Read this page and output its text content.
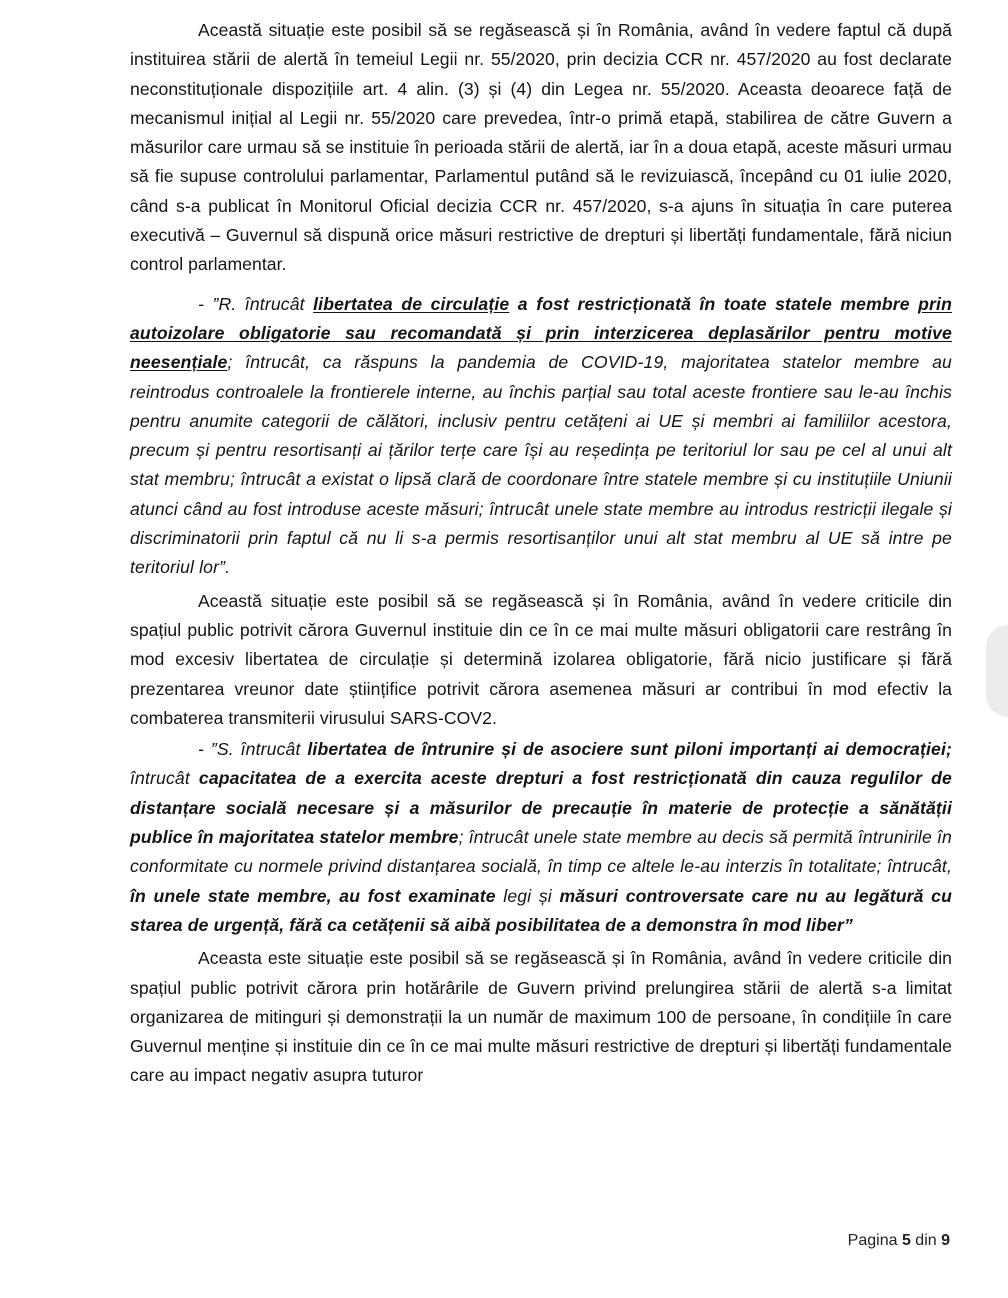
Această situație este posibil să se regăsească și în România, având în vedere faptul că după instituirea stării de alertă în temeiul Legii nr. 55/2020, prin decizia CCR nr. 457/2020 au fost declarate neconstituționale dispozițiile art. 4 alin. (3) și (4) din Legea nr. 55/2020. Aceasta deoarece față de mecanismul inițial al Legii nr. 55/2020 care prevedea, într-o primă etapă, stabilirea de către Guvern a măsurilor care urmau să se instituie în perioada stării de alertă, iar în a doua etapă, aceste măsuri urmau să fie supuse controlului parlamentar, Parlamentul putând să le revizuiască, începând cu 01 iulie 2020, când s-a publicat în Monitorul Oficial decizia CCR nr. 457/2020, s-a ajuns în situația în care puterea executivă – Guvernul să dispună orice măsuri restrictive de drepturi și libertăți fundamentale, fără niciun control parlamentar.

- ”R. întrucât libertatea de circulație a fost restricționată în toate statele membre prin autoizolare obligatorie sau recomandată și prin interzicerea deplasărilor pentru motive neesențiale; întrucât, ca răspuns la pandemia de COVID-19, majoritatea statelor membre au reintrodus controalele la frontierele interne, au închis parțial sau total aceste frontiere sau le-au închis pentru anumite categorii de călători, inclusiv pentru cetățeni ai UE și membri ai familiilor acestora, precum și pentru resortisanți ai țărilor terțe care își au reședința pe teritoriul lor sau pe cel al unui alt stat membru; întrucât a existat o lipsă clară de coordonare între statele membre și cu instituțiile Uniunii atunci când au fost introduse aceste măsuri; întrucât unele state membre au introdus restricții ilegale și discriminatorii prin faptul că nu li s-a permis resortisanților unui alt stat membru al UE să intre pe teritoriul lor”.

Această situație este posibil să se regăsească și în România, având în vedere criticile din spațiul public potrivit cărora Guvernul instituie din ce în ce mai multe măsuri obligatorii care restrâng în mod excesiv libertatea de circulație și determină izolarea obligatorie, fără nicio justificare și fără prezentarea vreunor date științifice potrivit cărora asemenea măsuri ar contribui în mod efectiv la combaterea transmiterii virusului SARS-COV2.

- ”S. întrucât libertatea de întrunire și de asociere sunt piloni importanți ai democrației; întrucât capacitatea de a exercita aceste drepturi a fost restricționată din cauza regulilor de distanțare socială necesare și a măsurilor de precauție în materie de protecție a sănătății publice în majoritatea statelor membre; întrucât unele state membre au decis să permită întrunirile în conformitate cu normele privind distanțarea socială, în timp ce altele le-au interzis în totalitate; întrucât, în unele state membre, au fost examinate legi și măsuri controversate care nu au legătură cu starea de urgență, fără ca cetățenii să aibă posibilitatea de a demonstra în mod liber”

Aceasta este situație este posibil să se regăsească și în România, având în vedere criticile din spațiul public potrivit cărora prin hotărârile de Guvern privind prelungirea stării de alertă s-a limitat organizarea de mitinguri și demonstrații la un număr de maximum 100 de persoane, în condițiile în care Guvernul menține și instituie din ce în ce mai multe măsuri restrictive de drepturi și libertăți fundamentale care au impact negativ asupra tuturor

Pagina 5 din 9
